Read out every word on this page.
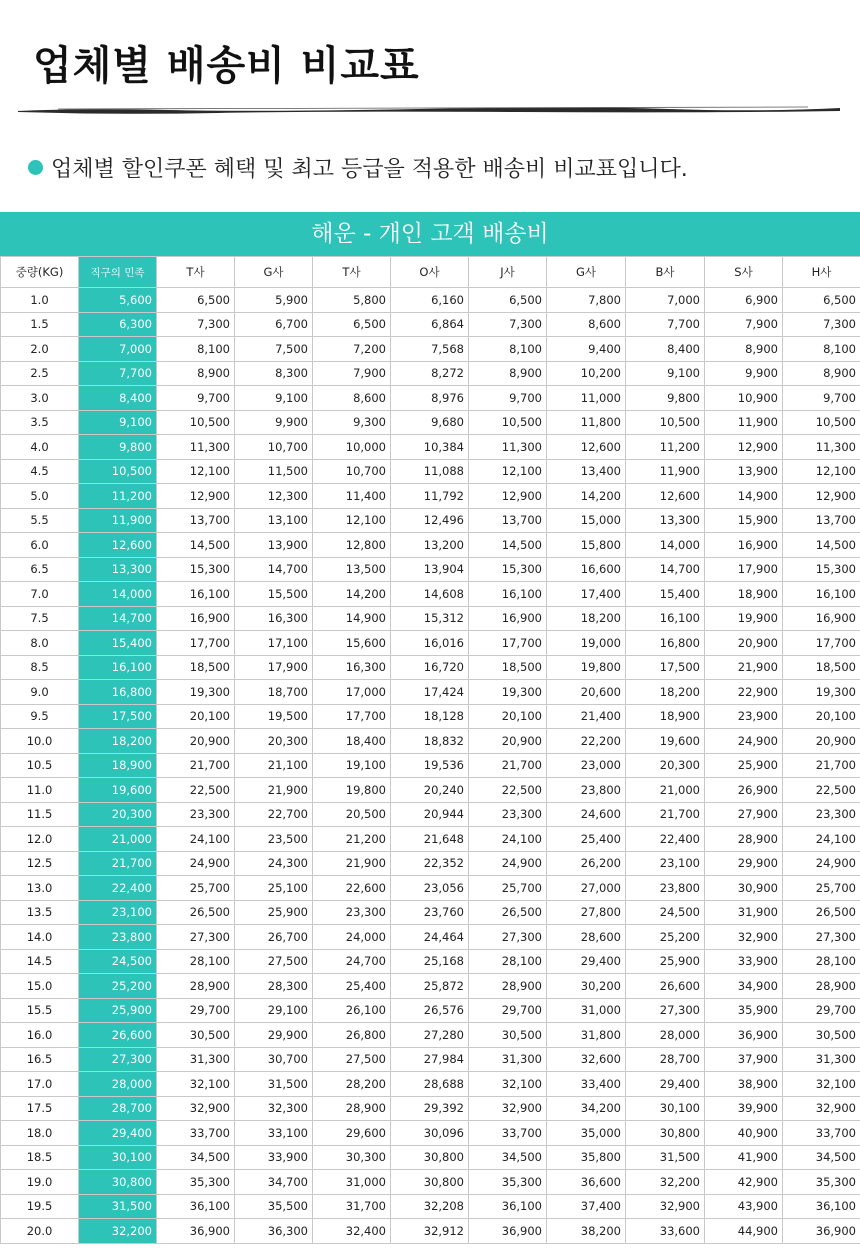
업체별 배송비 비교표
업체별 할인쿠폰 혜택 및 최고 등급을 적용한 배송비 비교표입니다.
해운 - 개인 고객 배송비
중량(KG)	직구의 민족	T사	G사	T사	O사	J사	G사	B사	S사	H사
1.0	5,600	6,500	5,900	5,800	6,160	6,500	7,800	7,000	6,900	6,500
1.5	6,300	7,300	6,700	6,500	6,864	7,300	8,600	7,700	7,900	7,300
2.0	7,000	8,100	7,500	7,200	7,568	8,100	9,400	8,400	8,900	8,100
2.5	7,700	8,900	8,300	7,900	8,272	8,900	10,200	9,100	9,900	8,900
3.0	8,400	9,700	9,100	8,600	8,976	9,700	11,000	9,800	10,900	9,700
3.5	9,100	10,500	9,900	9,300	9,680	10,500	11,800	10,500	11,900	10,500
4.0	9,800	11,300	10,700	10,000	10,384	11,300	12,600	11,200	12,900	11,300
4.5	10,500	12,100	11,500	10,700	11,088	12,100	13,400	11,900	13,900	12,100
5.0	11,200	12,900	12,300	11,400	11,792	12,900	14,200	12,600	14,900	12,900
5.5	11,900	13,700	13,100	12,100	12,496	13,700	15,000	13,300	15,900	13,700
6.0	12,600	14,500	13,900	12,800	13,200	14,500	15,800	14,000	16,900	14,500
6.5	13,300	15,300	14,700	13,500	13,904	15,300	16,600	14,700	17,900	15,300
7.0	14,000	16,100	15,500	14,200	14,608	16,100	17,400	15,400	18,900	16,100
7.5	14,700	16,900	16,300	14,900	15,312	16,900	18,200	16,100	19,900	16,900
8.0	15,400	17,700	17,100	15,600	16,016	17,700	19,000	16,800	20,900	17,700
8.5	16,100	18,500	17,900	16,300	16,720	18,500	19,800	17,500	21,900	18,500
9.0	16,800	19,300	18,700	17,000	17,424	19,300	20,600	18,200	22,900	19,300
9.5	17,500	20,100	19,500	17,700	18,128	20,100	21,400	18,900	23,900	20,100
10.0	18,200	20,900	20,300	18,400	18,832	20,900	22,200	19,600	24,900	20,900
10.5	18,900	21,700	21,100	19,100	19,536	21,700	23,000	20,300	25,900	21,700
11.0	19,600	22,500	21,900	19,800	20,240	22,500	23,800	21,000	26,900	22,500
11.5	20,300	23,300	22,700	20,500	20,944	23,300	24,600	21,700	27,900	23,300
12.0	21,000	24,100	23,500	21,200	21,648	24,100	25,400	22,400	28,900	24,100
12.5	21,700	24,900	24,300	21,900	22,352	24,900	26,200	23,100	29,900	24,900
13.0	22,400	25,700	25,100	22,600	23,056	25,700	27,000	23,800	30,900	25,700
13.5	23,100	26,500	25,900	23,300	23,760	26,500	27,800	24,500	31,900	26,500
14.0	23,800	27,300	26,700	24,000	24,464	27,300	28,600	25,200	32,900	27,300
14.5	24,500	28,100	27,500	24,700	25,168	28,100	29,400	25,900	33,900	28,100
15.0	25,200	28,900	28,300	25,400	25,872	28,900	30,200	26,600	34,900	28,900
15.5	25,900	29,700	29,100	26,100	26,576	29,700	31,000	27,300	35,900	29,700
16.0	26,600	30,500	29,900	26,800	27,280	30,500	31,800	28,000	36,900	30,500
16.5	27,300	31,300	30,700	27,500	27,984	31,300	32,600	28,700	37,900	31,300
17.0	28,000	32,100	31,500	28,200	28,688	32,100	33,400	29,400	38,900	32,100
17.5	28,700	32,900	32,300	28,900	29,392	32,900	34,200	30,100	39,900	32,900
18.0	29,400	33,700	33,100	29,600	30,096	33,700	35,000	30,800	40,900	33,700
18.5	30,100	34,500	33,900	30,300	30,800	34,500	35,800	31,500	41,900	34,500
19.0	30,800	35,300	34,700	31,000	30,800	35,300	36,600	32,200	42,900	35,300
19.5	31,500	36,100	35,500	31,700	32,208	36,100	37,400	32,900	43,900	36,100
20.0	32,200	36,900	36,300	32,400	32,912	36,900	38,200	33,600	44,900	36,900
